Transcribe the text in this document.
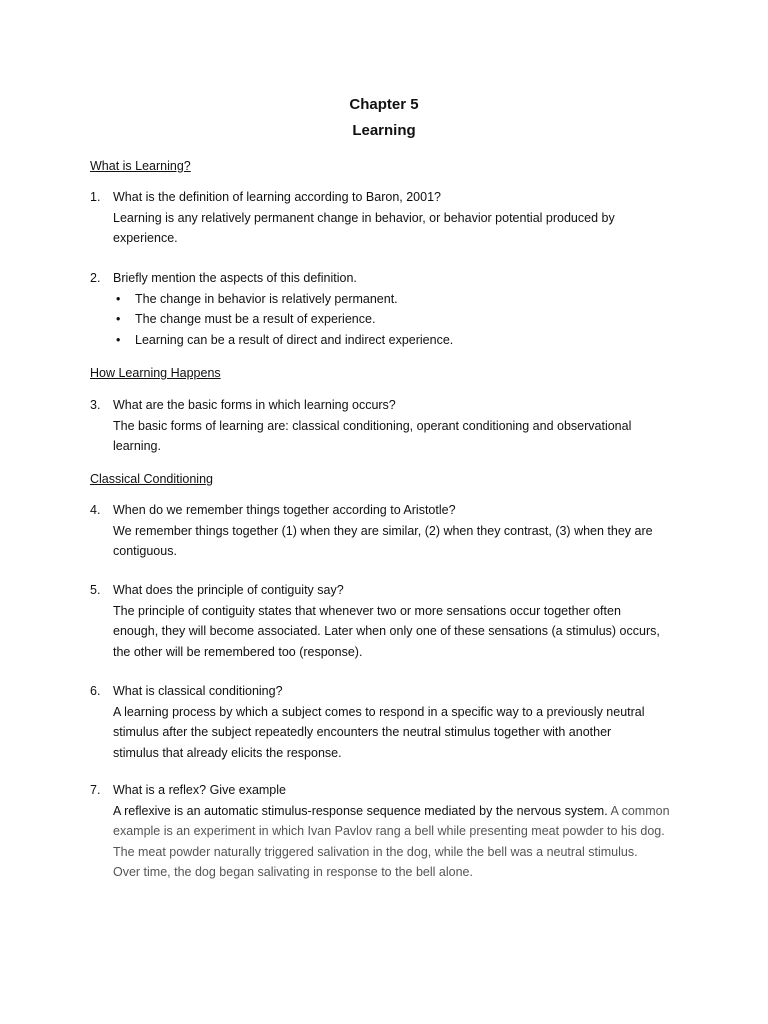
Chapter 5
Learning
What is Learning?
1. What is the definition of learning according to Baron, 2001?
Learning is any relatively permanent change in behavior, or behavior potential produced by
experience.
2. Briefly mention the aspects of this definition.
• The change in behavior is relatively permanent.
• The change must be a result of experience.
• Learning can be a result of direct and indirect experience.
How Learning Happens
3. What are the basic forms in which learning occurs?
The basic forms of learning are: classical conditioning, operant conditioning and observational
learning.
Classical Conditioning
4. When do we remember things together according to Aristotle?
We remember things together (1) when they are similar, (2) when they contrast, (3) when they are
contiguous.
5. What does the principle of contiguity say?
The principle of contiguity states that whenever two or more sensations occur together often
enough, they will become associated. Later when only one of these sensations (a stimulus) occurs,
the other will be remembered too (response).
6. What is classical conditioning?
A learning process by which a subject comes to respond in a specific way to a previously neutral
stimulus after the subject repeatedly encounters the neutral stimulus together with another
stimulus that already elicits the response.
7. What is a reflex? Give example
A reflexive is an automatic stimulus-response sequence mediated by the nervous system. A common
example is an experiment in which Ivan Pavlov rang a bell while presenting meat powder to his dog.
The meat powder naturally triggered salivation in the dog, while the bell was a neutral stimulus.
Over time, the dog began salivating in response to the bell alone.
